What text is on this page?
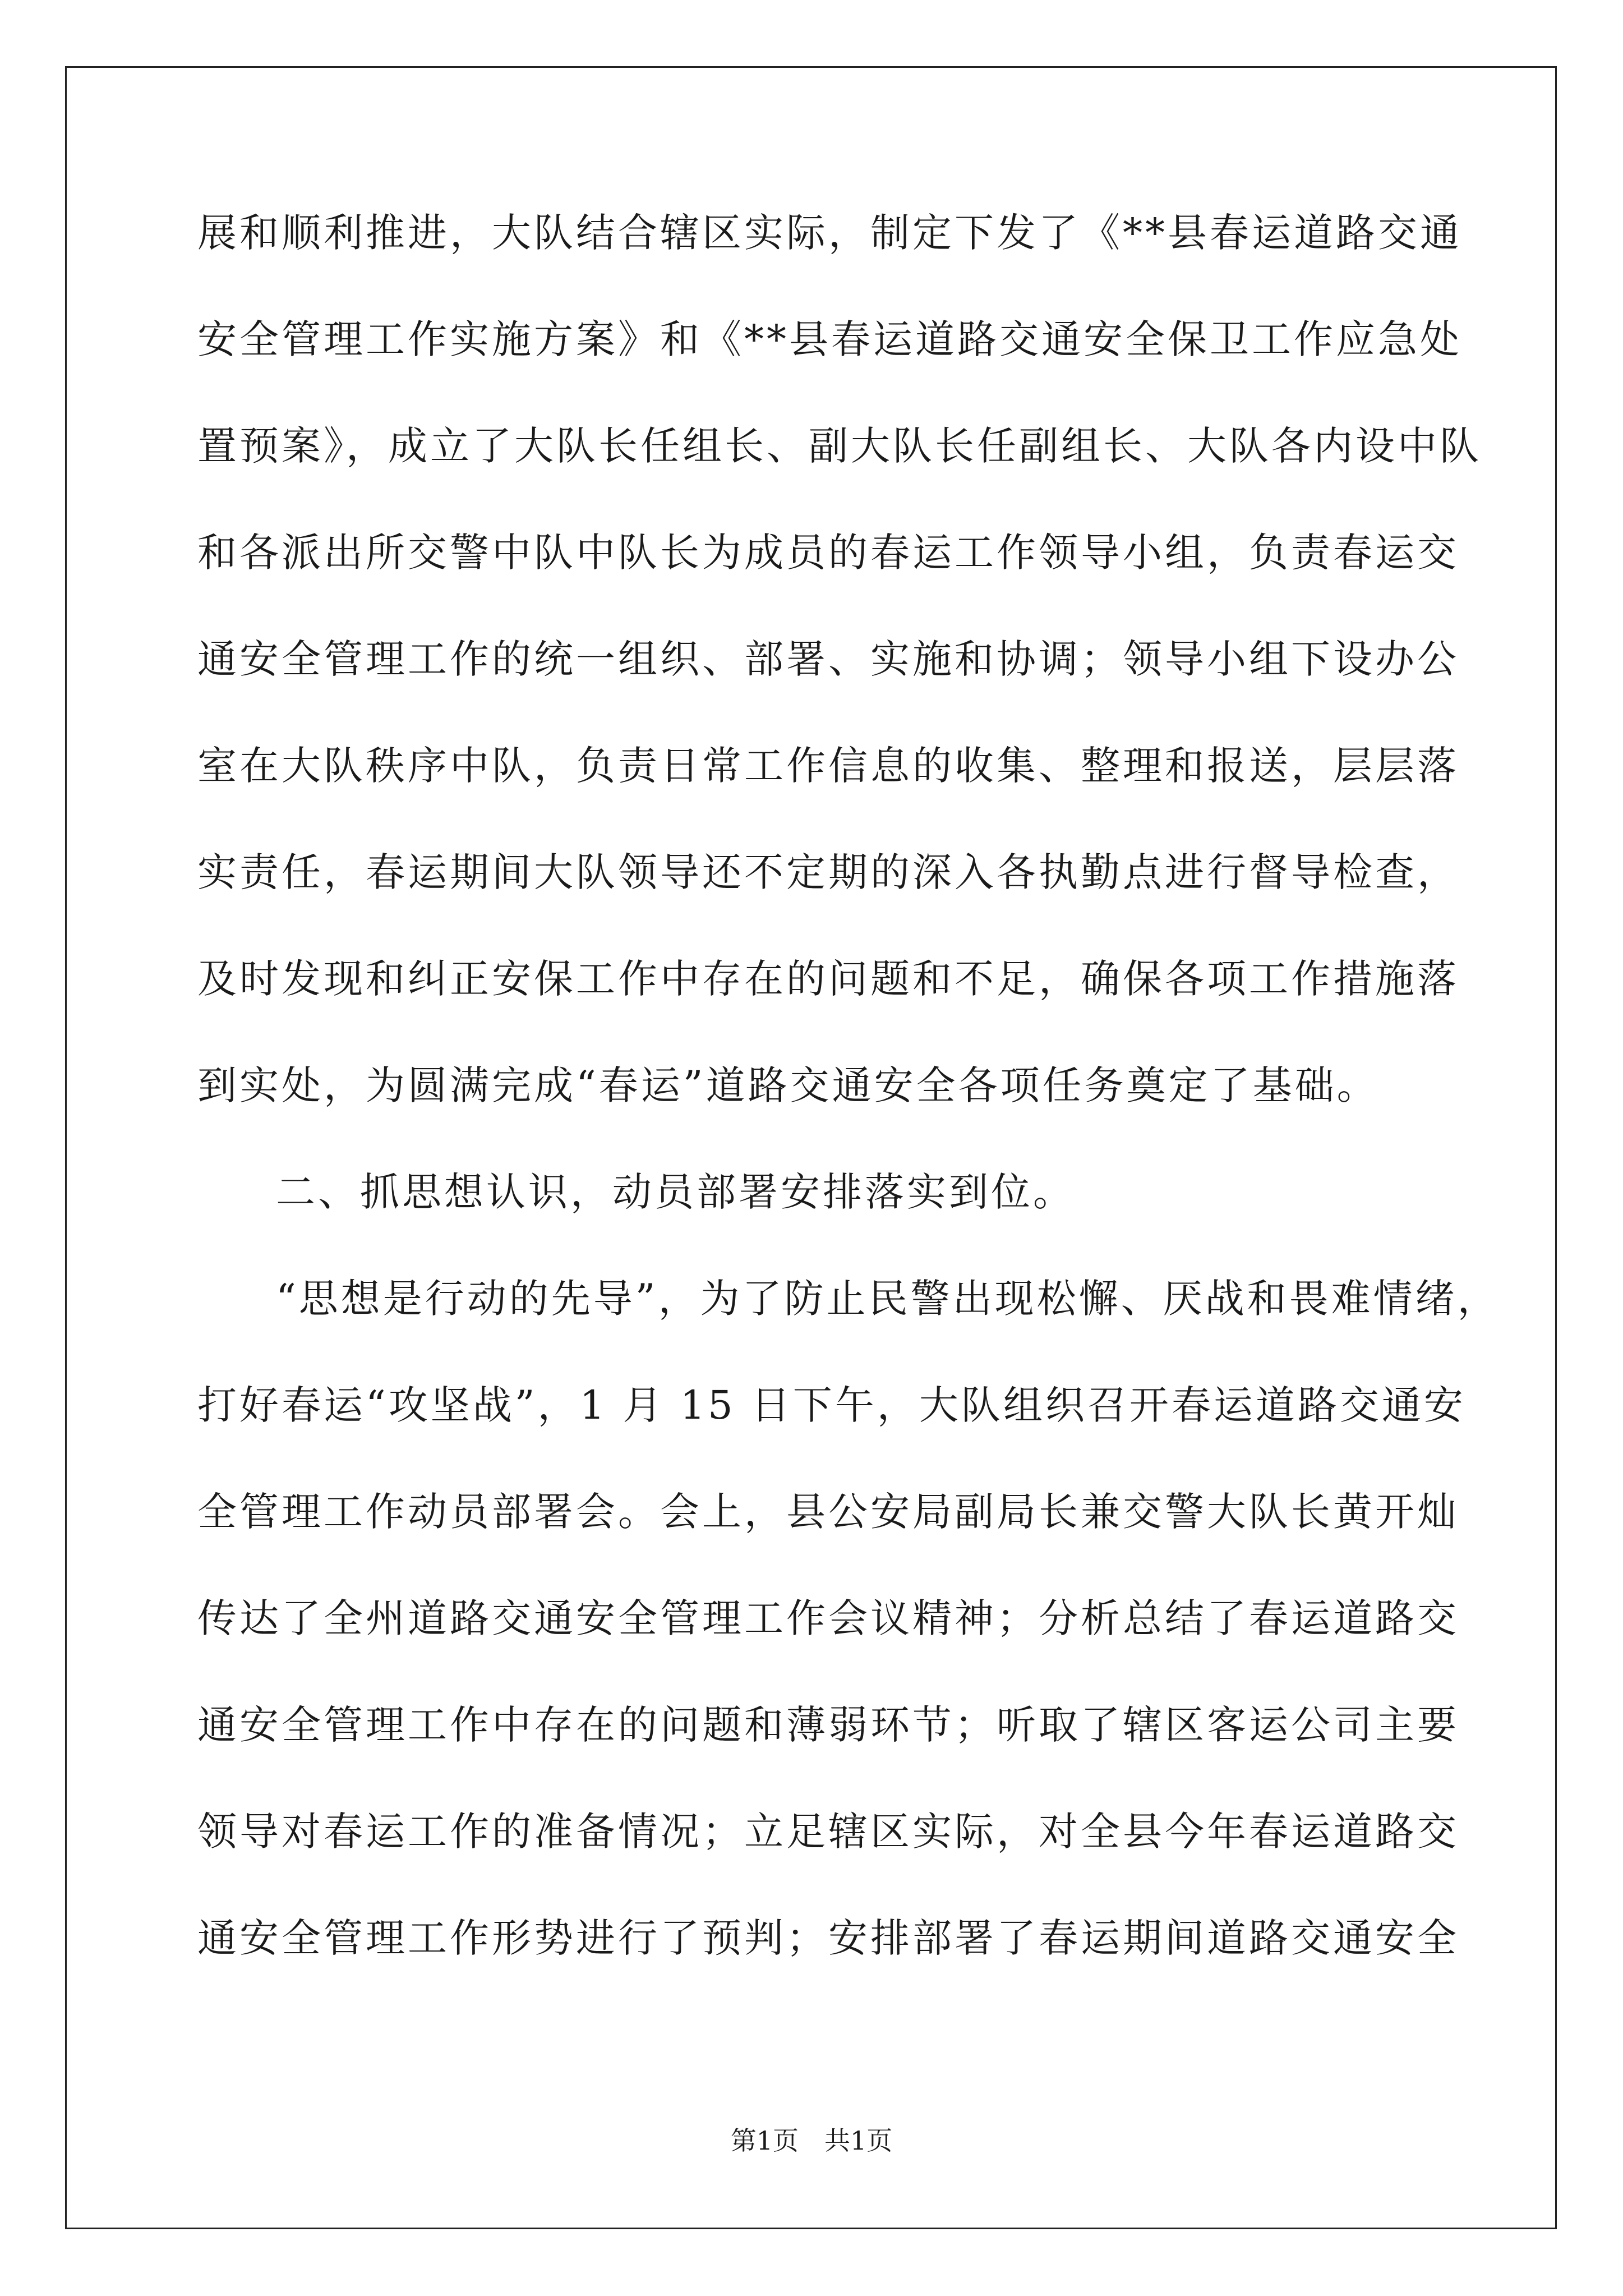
展和顺利推进，大队结合辖区实际，制定下发了《**县春运道路交通
安全管理工作实施方案》和《**县春运道路交通安全保卫工作应急处
置预案》，成立了大队长任组长、副大队长任副组长、大队各内设中队
和各派出所交警中队中队长为成员的春运工作领导小组，负责春运交
通安全管理工作的统一组织、部署、实施和协调；领导小组下设办公
室在大队秩序中队，负责日常工作信息的收集、整理和报送，层层落
实责任，春运期间大队领导还不定期的深入各执勤点进行督导检查，
及时发现和纠正安保工作中存在的问题和不足，确保各项工作措施落
到实处，为圆满完成“春运”道路交通安全各项任务奠定了基础。
二、抓思想认识，动员部署安排落实到位。
“思想是行动的先导”，为了防止民警出现松懈、厌战和畏难情绪，
打好春运“攻坚战”，1 月 15 日下午，大队组织召开春运道路交通安
全管理工作动员部署会。会上，县公安局副局长兼交警大队长黄开灿
传达了全州道路交通安全管理工作会议精神；分析总结了春运道路交
通安全管理工作中存在的问题和薄弱环节；听取了辖区客运公司主要
领导对春运工作的准备情况；立足辖区实际，对全县今年春运道路交
通安全管理工作形势进行了预判；安排部署了春运期间道路交通安全
第1页　共1页
